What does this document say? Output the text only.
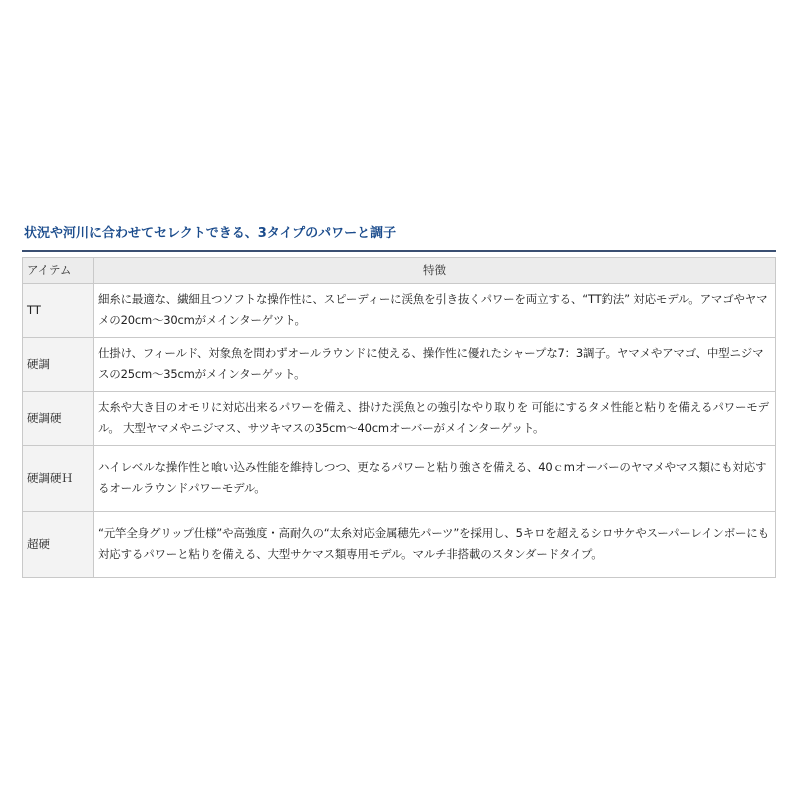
状況や河川に合わせてセレクトできる、3タイプのパワーと調子
アイテム	特徴
TT	細糸に最適な、繊細且つソフトな操作性に、スピーディーに渓魚を引き抜くパワーを両立する、“TT釣法” 対応モデル。アマゴやヤマメの20cm〜30cmがメインターゲツト。
硬調	仕掛け、フィールド、対象魚を問わずオールラウンドに使える、操作性に優れたシャープな7：3調子。ヤマメやアマゴ、中型ニジマスの25cm〜35cmがメインターゲット。
硬調硬	太糸や大き目のオモリに対応出来るパワーを備え、掛けた渓魚との強引なやり取りを 可能にするタメ性能と粘りを備えるパワーモデル。 大型ヤマメやニジマス、サツキマスの35cm〜40cmオーバーがメインターゲット。
硬調硬Ｈ	ハイレベルな操作性と喰い込み性能を維持しつつ、更なるパワーと粘り強さを備える、40ｃmオーバーのヤマメやマス類にも対応するオールラウンドパワーモデル。
超硬	“元竿全身グリップ仕様”や高強度・高耐久の“太糸対応金属穂先パーツ”を採用し、5キロを超えるシロサケやスーパーレインボーにも対応するパワーと粘りを備える、大型サケマス類専用モデル。マルチ非搭載のスタンダードタイプ。
